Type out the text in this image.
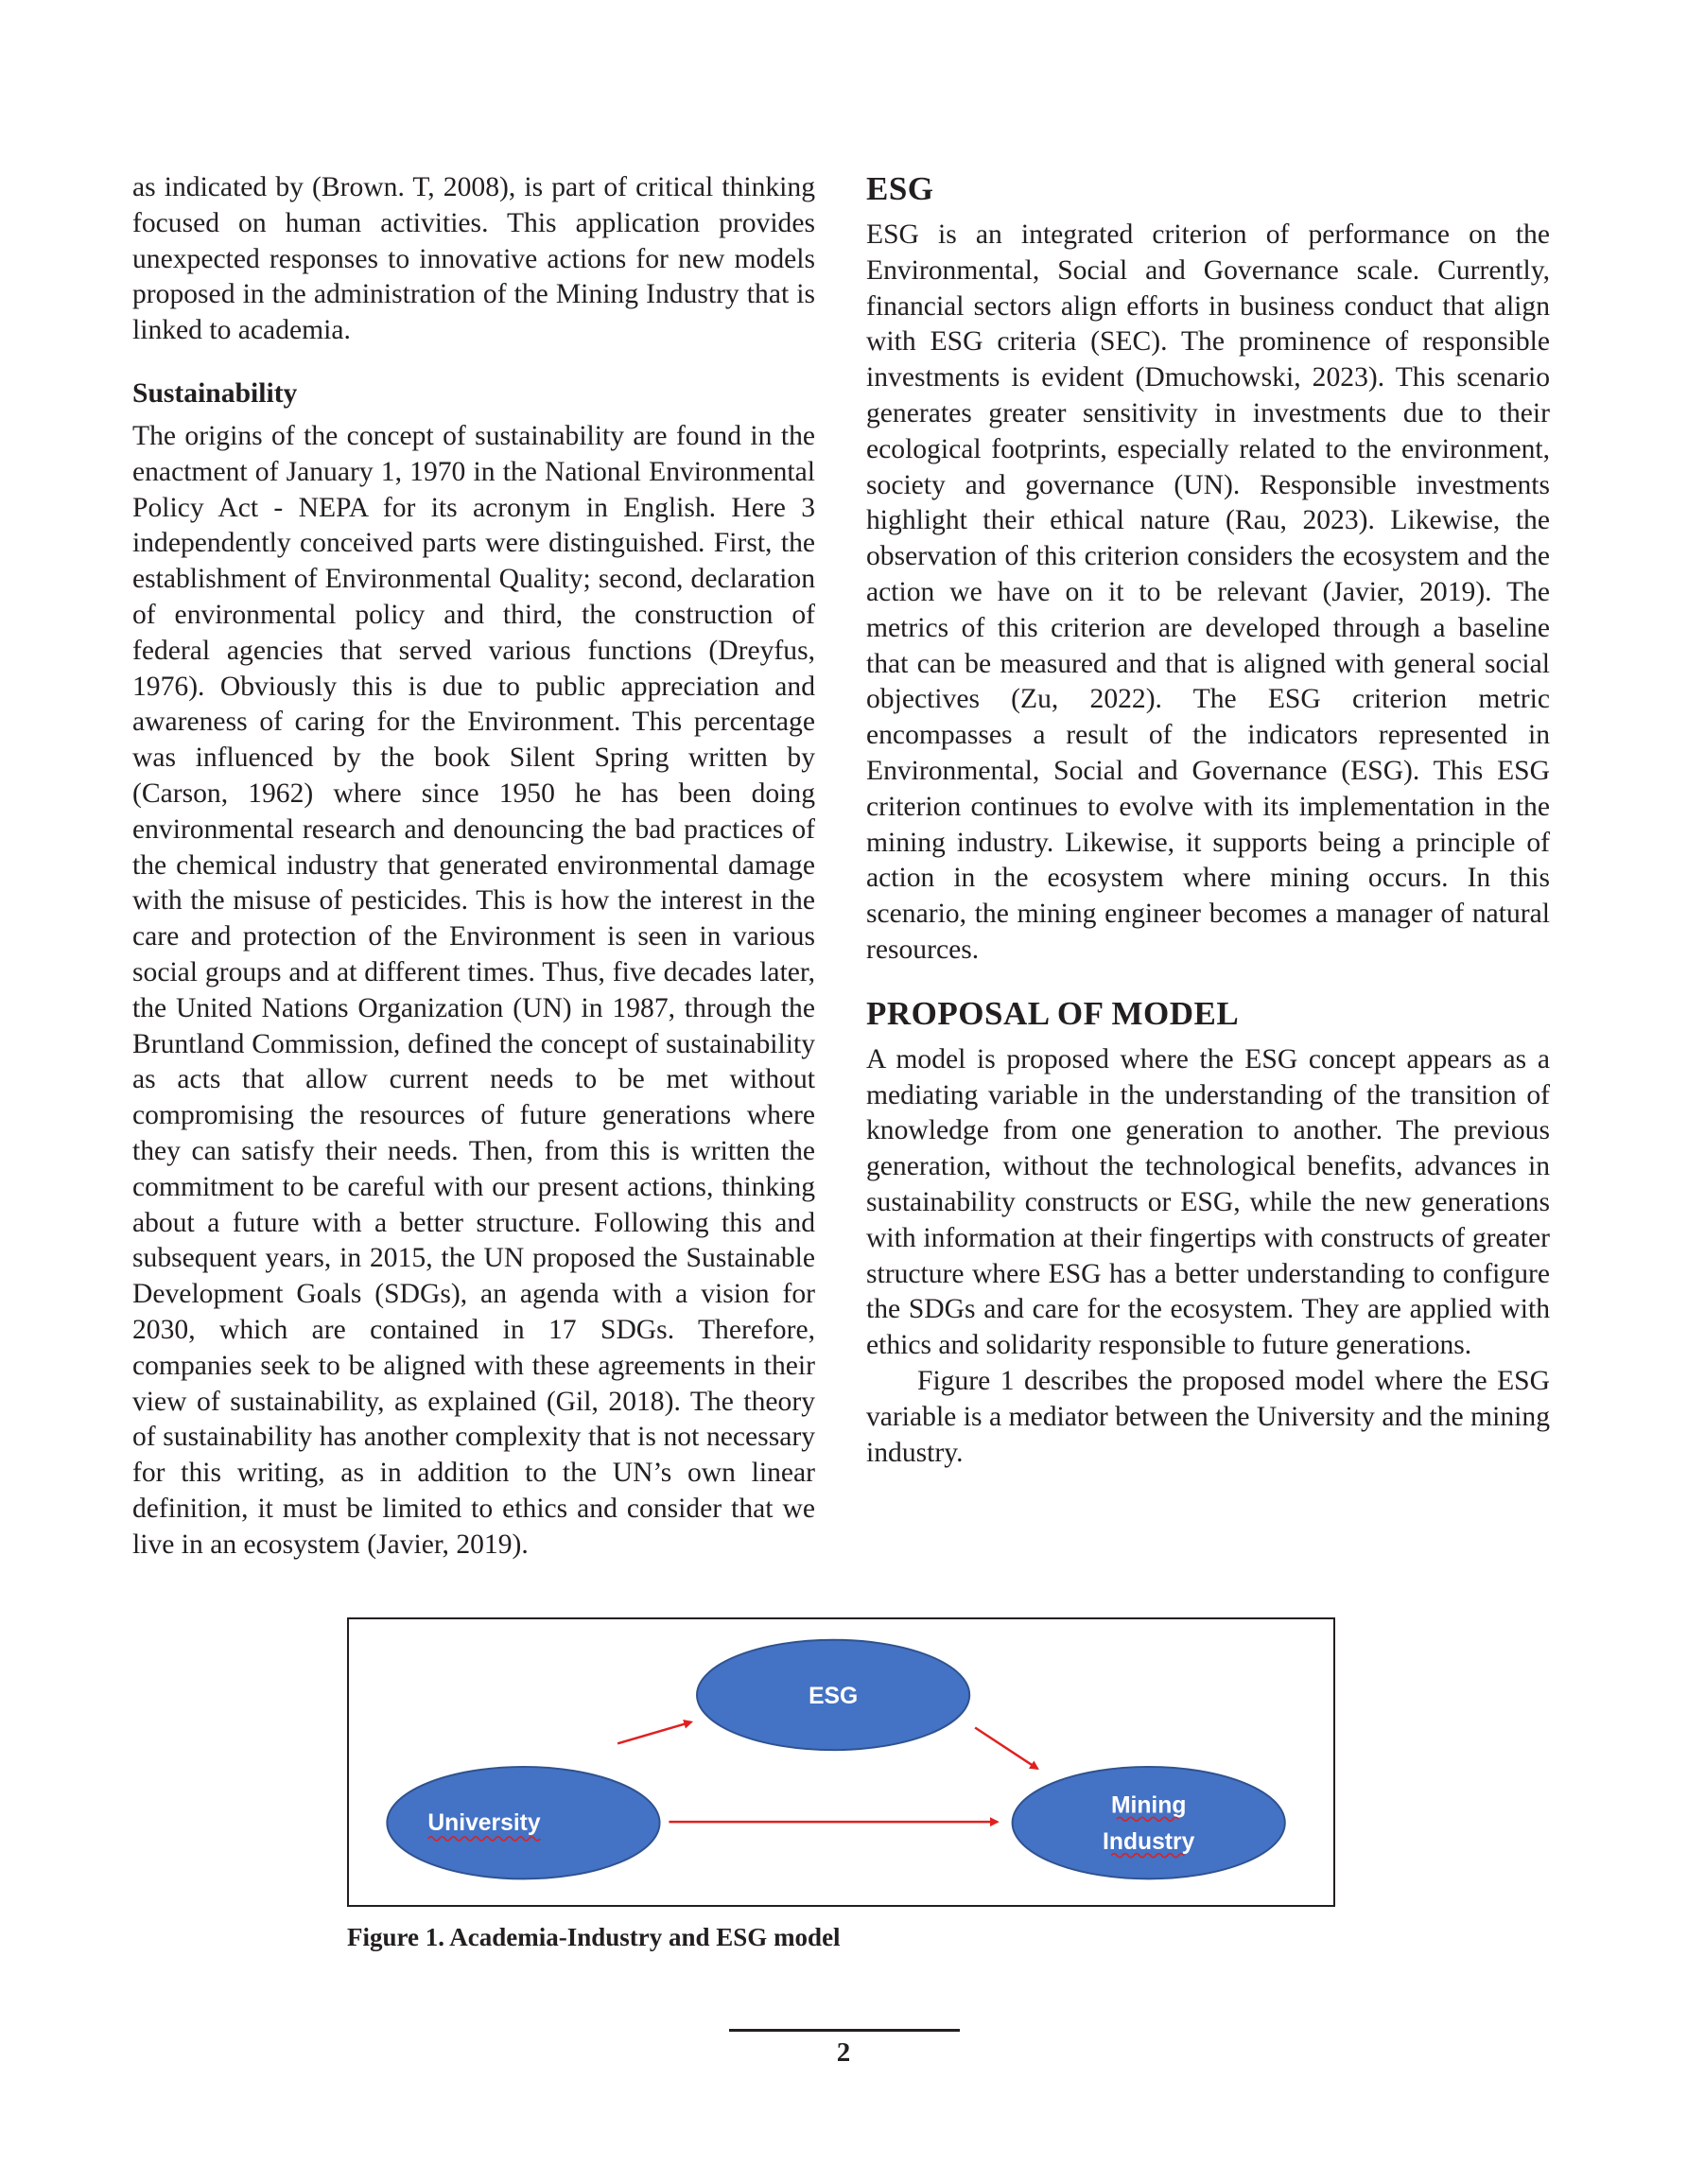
as indicated by (Brown. T, 2008), is part of critical thinking focused on human activities. This application provides unexpected responses to innovative actions for new models proposed in the administration of the Mining Industry that is linked to academia.

Sustainability

The origins of the concept of sustainability are found in the enactment of January 1, 1970 in the National Environmental Policy Act - NEPA for its acronym in English. Here 3 independently conceived parts were distinguished. First, the establishment of Environmental Quality; second, declaration of environmental policy and third, the construction of federal agencies that served various functions (Dreyfus, 1976). Obviously this is due to public appreciation and awareness of caring for the Environment. This percentage was influenced by the book Silent Spring written by (Carson, 1962) where since 1950 he has been doing environmental research and denouncing the bad practices of the chemical industry that generated environmental damage with the misuse of pesticides. This is how the interest in the care and protection of the Environment is seen in various social groups and at different times. Thus, five decades later, the United Nations Organization (UN) in 1987, through the Bruntland Commission, defined the concept of sustainability as acts that allow current needs to be met without compromising the resources of future generations where they can satisfy their needs. Then, from this is written the commitment to be careful with our present actions, thinking about a future with a better structure. Following this and subsequent years, in 2015, the UN proposed the Sustainable Development Goals (SDGs), an agenda with a vision for 2030, which are contained in 17 SDGs. Therefore, companies seek to be aligned with these agreements in their view of sustainability, as explained (Gil, 2018). The theory of sustainability has another complexity that is not necessary for this writing, as in addition to the UN’s own linear definition, it must be limited to ethics and consider that we live in an ecosystem (Javier, 2019).

ESG

ESG is an integrated criterion of performance on the Environmental, Social and Governance scale. Currently, financial sectors align efforts in business conduct that align with ESG criteria (SEC). The prominence of responsible investments is evident (Dmuchowski, 2023). This scenario generates greater sensitivity in investments due to their ecological footprints, especially related to the environment, society and governance (UN). Responsible investments highlight their ethical nature (Rau, 2023). Likewise, the observation of this criterion considers the ecosystem and the action we have on it to be relevant (Javier, 2019). The metrics of this criterion are developed through a baseline that can be measured and that is aligned with general social objectives (Zu, 2022). The ESG criterion metric encompasses a result of the indicators represented in Environmental, Social and Governance (ESG). This ESG criterion continues to evolve with its implementation in the mining industry. Likewise, it supports being a principle of action in the ecosystem where mining occurs. In this scenario, the mining engineer becomes a manager of natural resources.

PROPOSAL OF MODEL

A model is proposed where the ESG concept appears as a mediating variable in the understanding of the transition of knowledge from one generation to another. The previous generation, without the technological benefits, advances in sustainability constructs or ESG, while the new generations with information at their fingertips with constructs of greater structure where ESG has a better understanding to configure the SDGs and care for the ecosystem. They are applied with ethics and solidarity responsible to future generations.

Figure 1 describes the proposed model where the ESG variable is a mediator between the University and the mining industry.

ESG
University
Mining
Industry
Figure 1. Academia-Industry and ESG model
2
